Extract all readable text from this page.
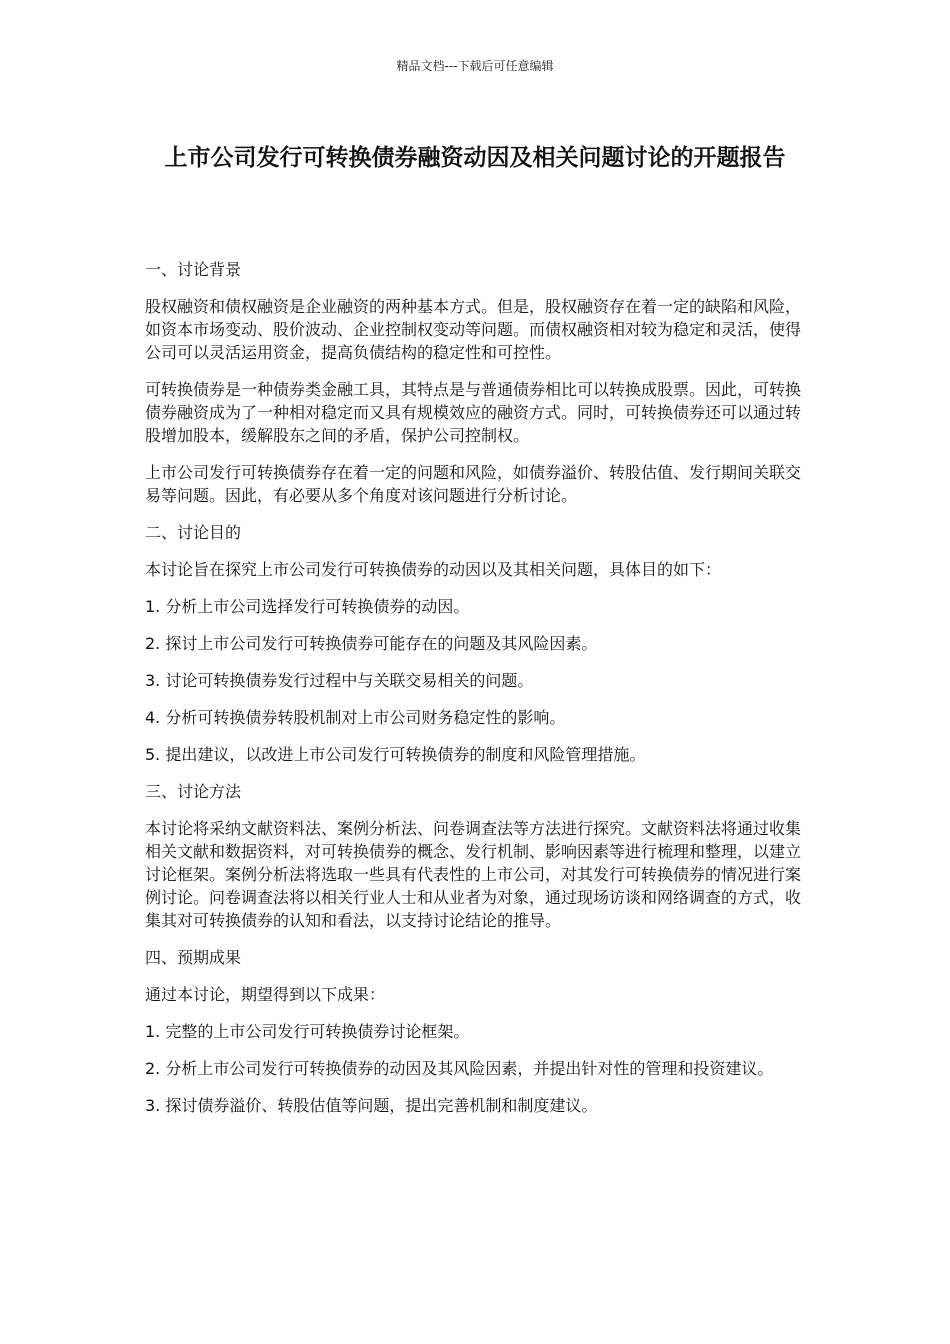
精品文档---下载后可任意编辑
上市公司发行可转换债券融资动因及相关问题讨论的开题报告

一、讨论背景

股权融资和债权融资是企业融资的两种基本方式。但是，股权融资存在着一定的缺陷和风险，如资本市场变动、股价波动、企业控制权变动等问题。而债权融资相对较为稳定和灵活，使得公司可以灵活运用资金，提高负债结构的稳定性和可控性。

可转换债券是一种债券类金融工具，其特点是与普通债券相比可以转换成股票。因此，可转换债券融资成为了一种相对稳定而又具有规模效应的融资方式。同时，可转换债券还可以通过转股增加股本，缓解股东之间的矛盾，保护公司控制权。

上市公司发行可转换债券存在着一定的问题和风险，如债券溢价、转股估值、发行期间关联交易等问题。因此，有必要从多个角度对该问题进行分析讨论。

二、讨论目的

本讨论旨在探究上市公司发行可转换债券的动因以及其相关问题，具体目的如下：

1. 分析上市公司选择发行可转换债券的动因。

2. 探讨上市公司发行可转换债券可能存在的问题及其风险因素。

3. 讨论可转换债券发行过程中与关联交易相关的问题。

4. 分析可转换债券转股机制对上市公司财务稳定性的影响。

5. 提出建议，以改进上市公司发行可转换债券的制度和风险管理措施。

三、讨论方法

本讨论将采纳文献资料法、案例分析法、问卷调查法等方法进行探究。文献资料法将通过收集相关文献和数据资料，对可转换债券的概念、发行机制、影响因素等进行梳理和整理，以建立讨论框架。案例分析法将选取一些具有代表性的上市公司，对其发行可转换债券的情况进行案例讨论。问卷调查法将以相关行业人士和从业者为对象，通过现场访谈和网络调查的方式，收集其对可转换债券的认知和看法，以支持讨论结论的推导。

四、预期成果

通过本讨论，期望得到以下成果：

1. 完整的上市公司发行可转换债券讨论框架。

2. 分析上市公司发行可转换债券的动因及其风险因素，并提出针对性的管理和投资建议。

3. 探讨债券溢价、转股估值等问题，提出完善机制和制度建议。
